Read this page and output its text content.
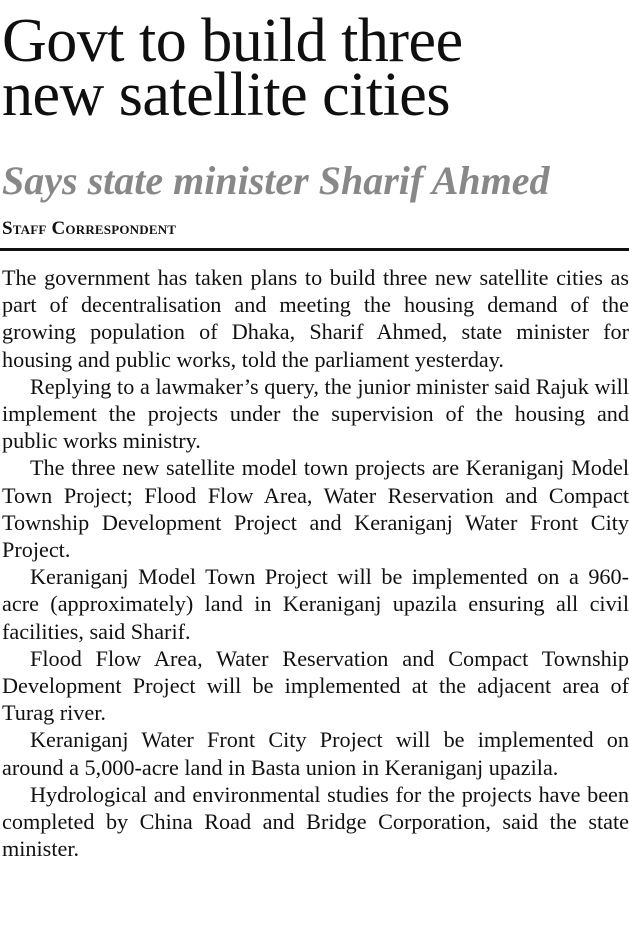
Govt to build three
new satellite cities
Says state minister Sharif Ahmed
Staff Correspondent

The government has taken plans to build three new satellite cities as part of decentralisation and meeting the housing demand of the growing population of Dhaka, Sharif Ahmed, state minister for housing and public works, told the parliament yesterday.

Replying to a lawmaker’s query, the junior minister said Rajuk will implement the projects under the supervision of the housing and public works ministry.

The three new satellite model town projects are Keraniganj Model Town Project; Flood Flow Area, Water Reservation and Compact Township Development Project and Keraniganj Water Front City Project.

Keraniganj Model Town Project will be implemented on a 960-acre (approximately) land in Keraniganj upazila ensuring all civil facilities, said Sharif.

Flood Flow Area, Water Reservation and Compact Township Development Project will be implemented at the adjacent area of Turag river.

Keraniganj Water Front City Project will be implemented on around a 5,000-acre land in Basta union in Keraniganj upazila.

Hydrological and environmental studies for the projects have been completed by China Road and Bridge Corporation, said the state minister.
